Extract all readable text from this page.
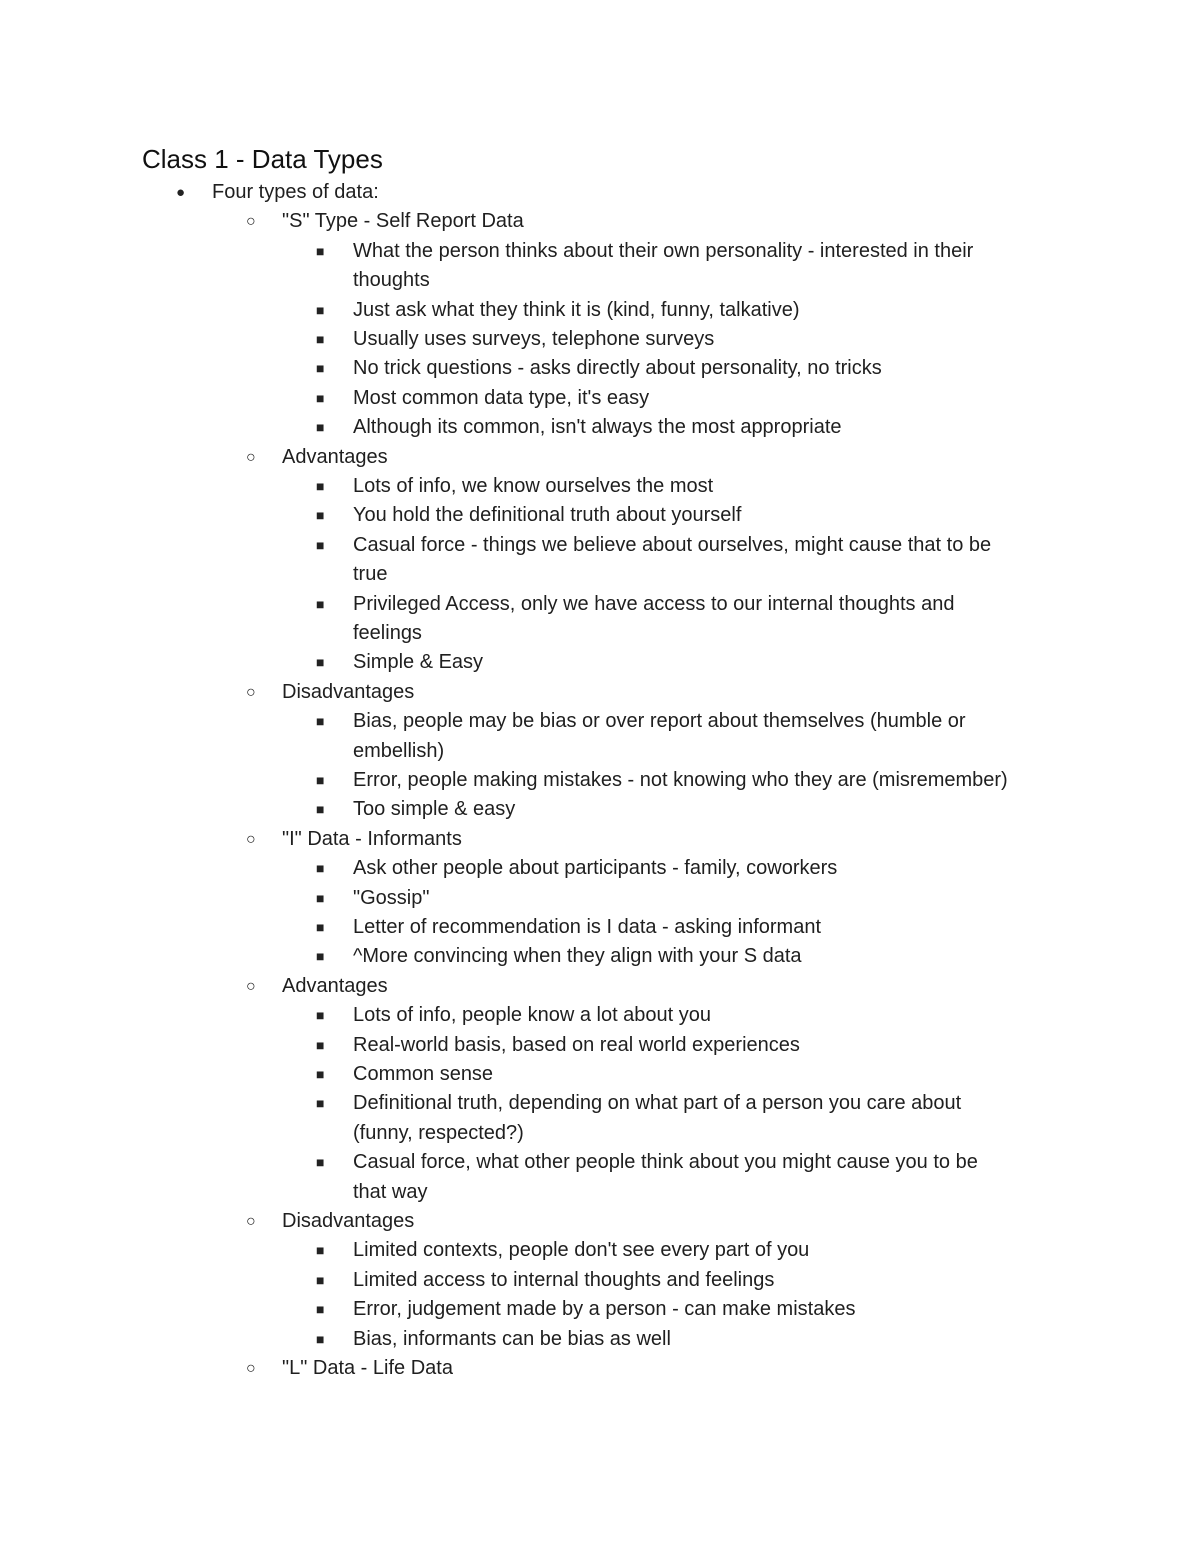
Class 1 - Data Types
● Four types of data:
○ "S" Type - Self Report Data
■ What the person thinks about their own personality - interested in their
thoughts
■ Just ask what they think it is (kind, funny, talkative)
■ Usually uses surveys, telephone surveys
■ No trick questions - asks directly about personality, no tricks
■ Most common data type, it's easy
■ Although its common, isn't always the most appropriate
○ Advantages
■ Lots of info, we know ourselves the most
■ You hold the definitional truth about yourself
■ Casual force - things we believe about ourselves, might cause that to be
true
■ Privileged Access, only we have access to our internal thoughts and
feelings
■ Simple & Easy
○ Disadvantages
■ Bias, people may be bias or over report about themselves (humble or
embellish)
■ Error, people making mistakes - not knowing who they are (misremember)
■ Too simple & easy
○ "I" Data - Informants
■ Ask other people about participants - family, coworkers
■ "Gossip"
■ Letter of recommendation is I data - asking informant
■ ^More convincing when they align with your S data
○ Advantages
■ Lots of info, people know a lot about you
■ Real-world basis, based on real world experiences
■ Common sense
■ Definitional truth, depending on what part of a person you care about
(funny, respected?)
■ Casual force, what other people think about you might cause you to be
that way
○ Disadvantages
■ Limited contexts, people don't see every part of you
■ Limited access to internal thoughts and feelings
■ Error, judgement made by a person - can make mistakes
■ Bias, informants can be bias as well
○ "L" Data - Life Data
